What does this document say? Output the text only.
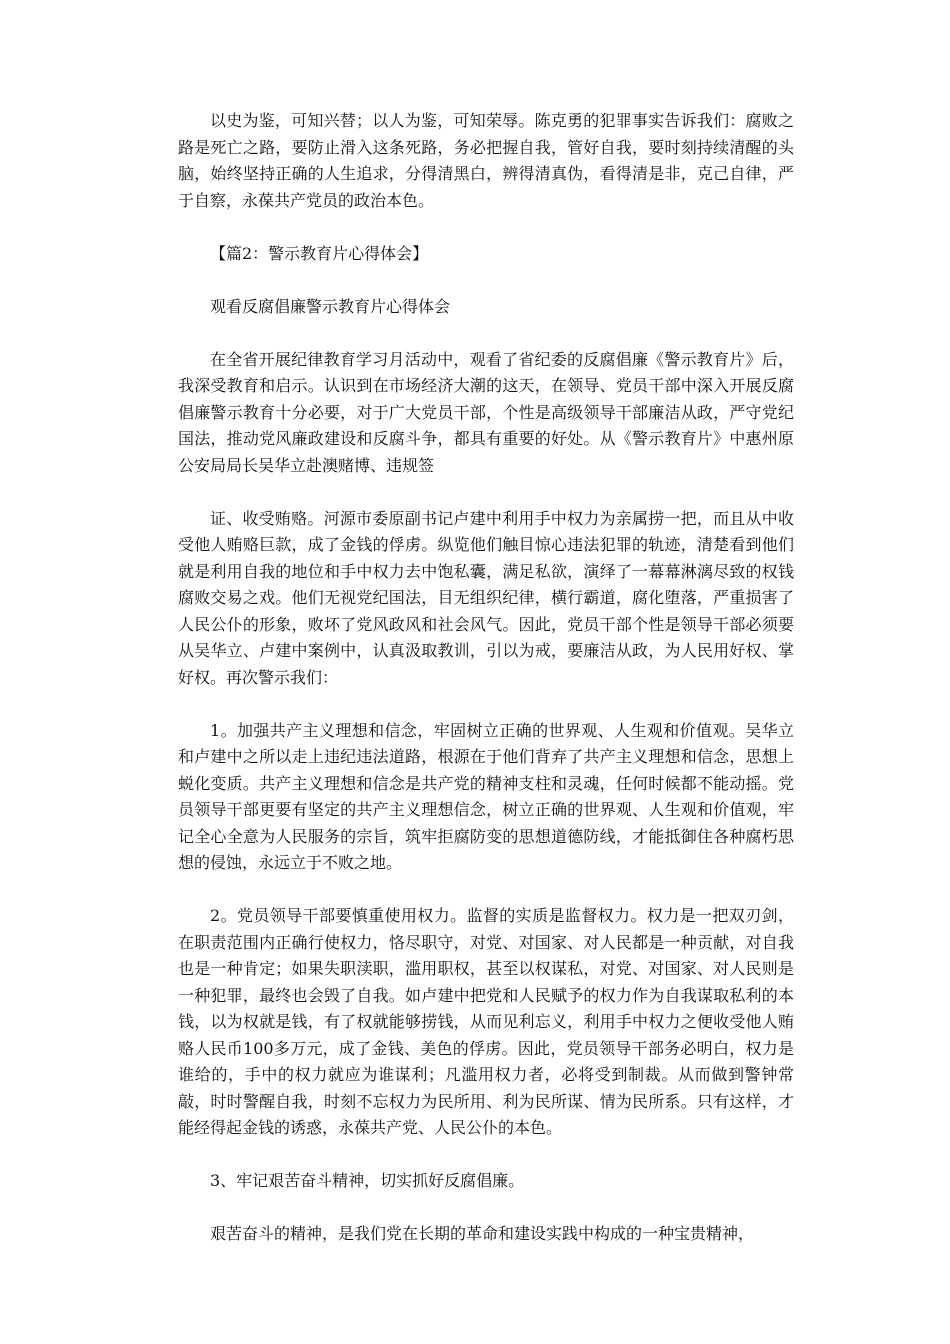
以史为鉴，可知兴替；以人为鉴，可知荣辱。陈克勇的犯罪事实告诉我们：腐败之路是死亡之路，要防止滑入这条死路，务必把握自我，管好自我，要时刻持续清醒的头脑，始终坚持正确的人生追求，分得清黑白，辨得清真伪，看得清是非，克己自律，严于自察，永葆共产党员的政治本色。

【篇2：警示教育片心得体会】

观看反腐倡廉警示教育片心得体会

在全省开展纪律教育学习月活动中，观看了省纪委的反腐倡廉《警示教育片》后，我深受教育和启示。认识到在市场经济大潮的这天，在领导、党员干部中深入开展反腐倡廉警示教育十分必要，对于广大党员干部，个性是高级领导干部廉洁从政，严守党纪国法，推动党风廉政建设和反腐斗争，都具有重要的好处。从《警示教育片》中惠州原公安局局长吴华立赴澳赌博、违规签

证、收受贿赂。河源市委原副书记卢建中利用手中权力为亲属捞一把，而且从中收受他人贿赂巨款，成了金钱的俘虏。纵览他们触目惊心违法犯罪的轨迹，清楚看到他们就是利用自我的地位和手中权力去中饱私囊，满足私欲，演绎了一幕幕淋漓尽致的权钱腐败交易之戏。他们无视党纪国法，目无组织纪律，横行霸道，腐化堕落，严重损害了人民公仆的形象，败坏了党风政风和社会风气。因此，党员干部个性是领导干部必须要从吴华立、卢建中案例中，认真汲取教训，引以为戒，要廉洁从政，为人民用好权、掌好权。再次警示我们：

1。加强共产主义理想和信念，牢固树立正确的世界观、人生观和价值观。吴华立和卢建中之所以走上违纪违法道路，根源在于他们背弃了共产主义理想和信念，思想上蜕化变质。共产主义理想和信念是共产党的精神支柱和灵魂，任何时候都不能动摇。党员领导干部更要有坚定的共产主义理想信念，树立正确的世界观、人生观和价值观，牢记全心全意为人民服务的宗旨，筑牢拒腐防变的思想道德防线，才能抵御住各种腐朽思想的侵蚀，永远立于不败之地。

2。党员领导干部要慎重使用权力。监督的实质是监督权力。权力是一把双刃剑，在职责范围内正确行使权力，恪尽职守，对党、对国家、对人民都是一种贡献，对自我也是一种肯定；如果失职渎职，滥用职权，甚至以权谋私，对党、对国家、对人民则是一种犯罪，最终也会毁了自我。如卢建中把党和人民赋予的权力作为自我谋取私利的本钱，以为权就是钱，有了权就能够捞钱，从而见利忘义，利用手中权力之便收受他人贿赂人民币100多万元，成了金钱、美色的俘虏。因此，党员领导干部务必明白，权力是谁给的，手中的权力就应为谁谋利；凡滥用权力者，必将受到制裁。从而做到警钟常敲，时时警醒自我，时刻不忘权力为民所用、利为民所谋、情为民所系。只有这样，才能经得起金钱的诱惑，永葆共产党、人民公仆的本色。

3、牢记艰苦奋斗精神，切实抓好反腐倡廉。

艰苦奋斗的精神，是我们党在长期的革命和建设实践中构成的一种宝贵精神，
